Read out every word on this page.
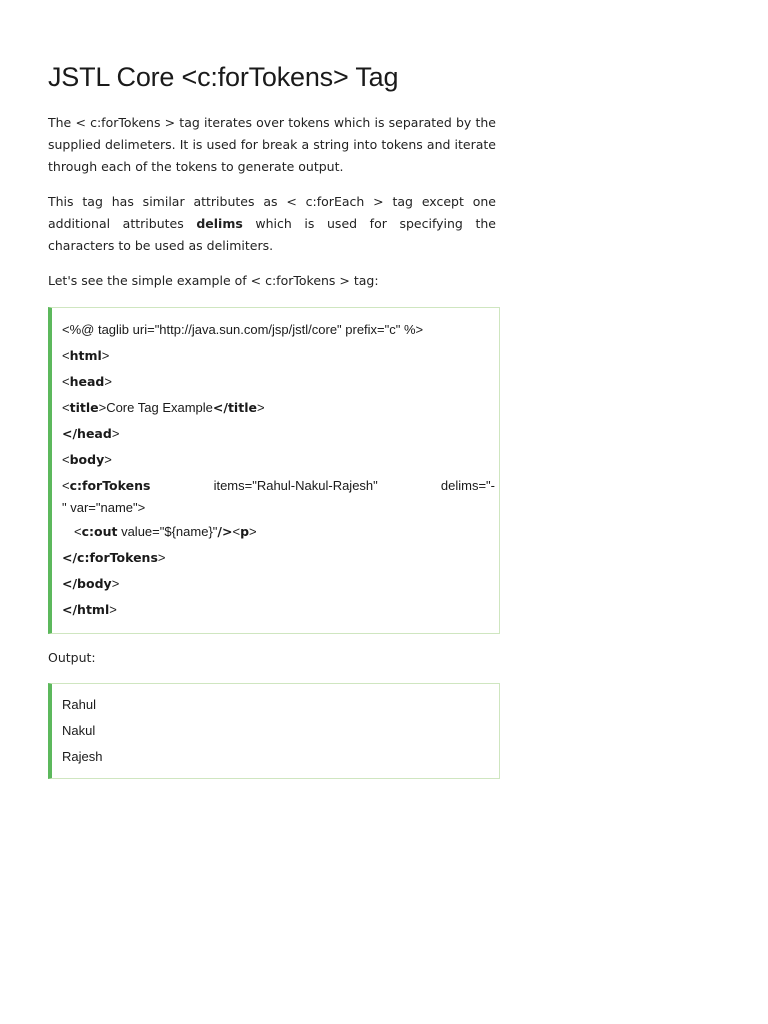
JSTL Core <c:forTokens> Tag

The < c:forTokens > tag iterates over tokens which is separated by the supplied delimeters. It is used for break a string into tokens and iterate through each of the tokens to generate output.

This tag has similar attributes as < c:forEach > tag except one additional attributes delims which is used for specifying the characters to be used as delimiters.

Let's see the simple example of < c:forTokens > tag:

<%@ taglib uri="http://java.sun.com/jsp/jstl/core" prefix="c" %>
<html>
<head>
<title>Core Tag Example</title>
</head>
<body>
<c:forTokens	items="Rahul-Nakul-Rajesh"	delims="-
" var="name">
<c:out value="${name}"/><p>
</c:forTokens>
</body>
</html>
Output:
Rahul
Nakul
Rajesh
